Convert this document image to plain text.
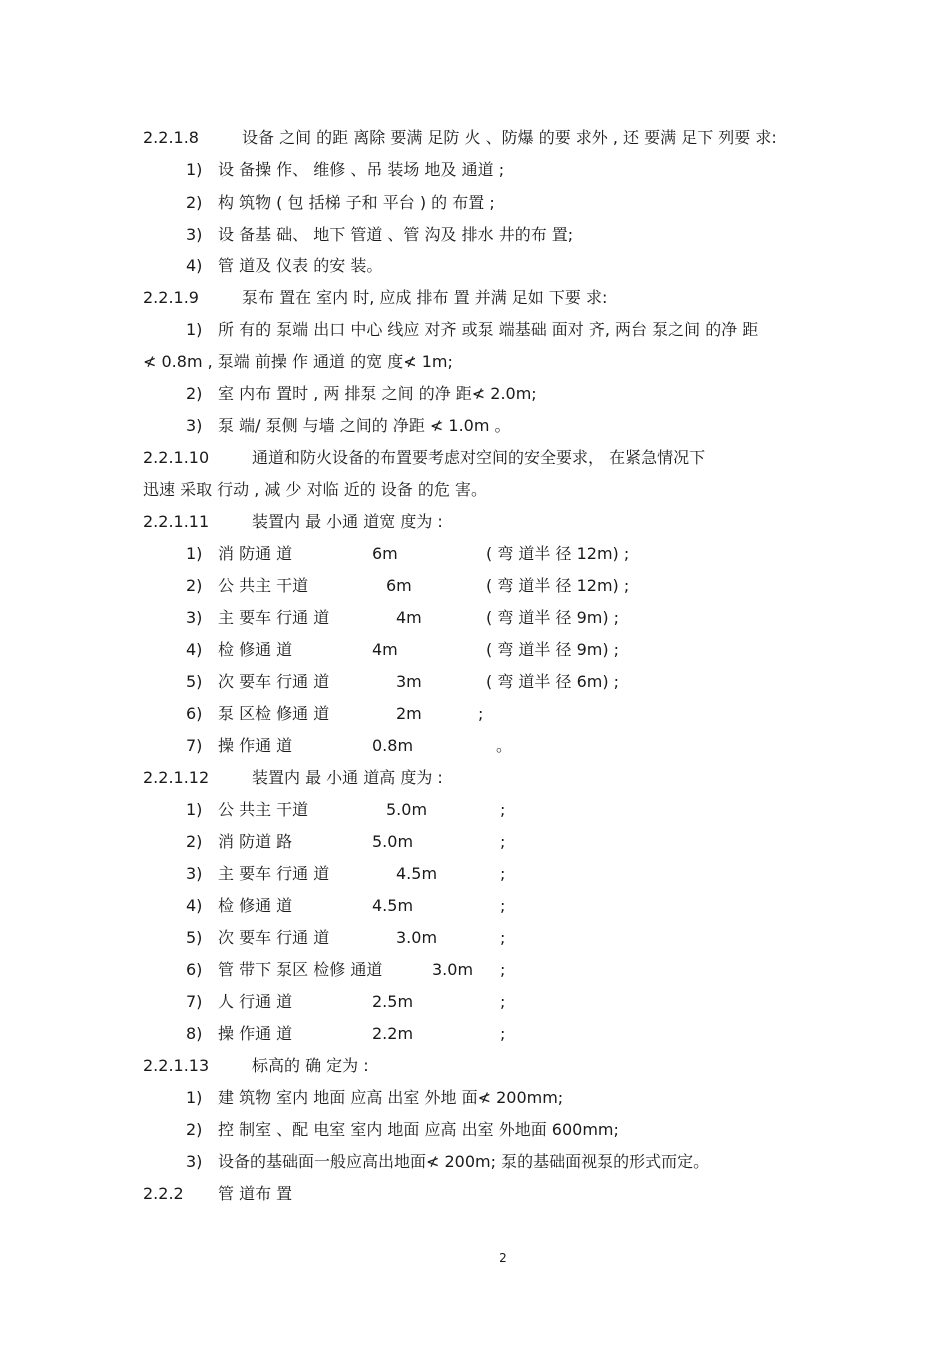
2.2.1.8	设备 之间 的距 离除 要满 足防 火 、防爆 的要 求外 , 还 要满 足下 列要 求:
1) 设 备操 作、 维修 、吊 装场 地及 通道 ;
2) 构 筑物 ( 包 括梯 子和 平台 ) 的 布置 ;
3) 设 备基 础、 地下 管道 、管 沟及 排水 井的布 置;
4) 管 道及 仪表 的安 装。
2.2.1.9	泵布 置在 室内 时, 应成 排布 置 并满 足如 下要 求:
1) 所 有的 泵端 出口 中心 线应 对齐 或泵 端基础 面对 齐, 两台 泵之间 的净 距
≮ 0.8m , 泵端 前操 作 通道 的宽 度≮ 1m;
2) 室 内布 置时 , 两 排泵 之间 的净 距≮ 2.0m;
3) 泵 端/ 泵侧 与墙 之间的 净距 ≮ 1.0m 。
2.2.1.10	通道和防火设备的布置要考虑对空间的安全要求， 在紧急情况下
迅速 采取 行动 , 减 少 对临 近的 设备 的危 害。
2.2.1.11	装置内 最 小通 道宽 度为 :
1) 消 防通 道	6m	( 弯 道半 径 12m) ;
2) 公 共主 干道	6m	( 弯 道半 径 12m) ;
3) 主 要车 行通 道	4m	( 弯 道半 径 9m) ;
4) 检 修通 道	4m	( 弯 道半 径 9m) ;
5) 次 要车 行通 道	3m	( 弯 道半 径 6m) ;
6) 泵 区检 修通 道	2m	;
7) 操 作通 道	0.8m	。
2.2.1.12	装置内 最 小通 道高 度为 :
1) 公 共主 干道	5.0m	;
2) 消 防道 路	5.0m	;
3) 主 要车 行通 道	4.5m	;
4) 检 修通 道	4.5m	;
5) 次 要车 行通 道	3.0m	;
6) 管 带下 泵区 检修 通道	3.0m ;
7) 人 行通 道	2.5m	;
8) 操 作通 道	2.2m	;
2.2.1.13	标高的 确 定为 :
1) 建 筑物 室内 地面 应高 出室 外地 面≮ 200mm;
2) 控 制室 、配 电室 室内 地面 应高 出室 外地面 600mm;
3) 设备的基础面一般应高出地面≮ 200m; 泵的基础面视泵的形式而定。
2.2.2 管 道布 置
2
